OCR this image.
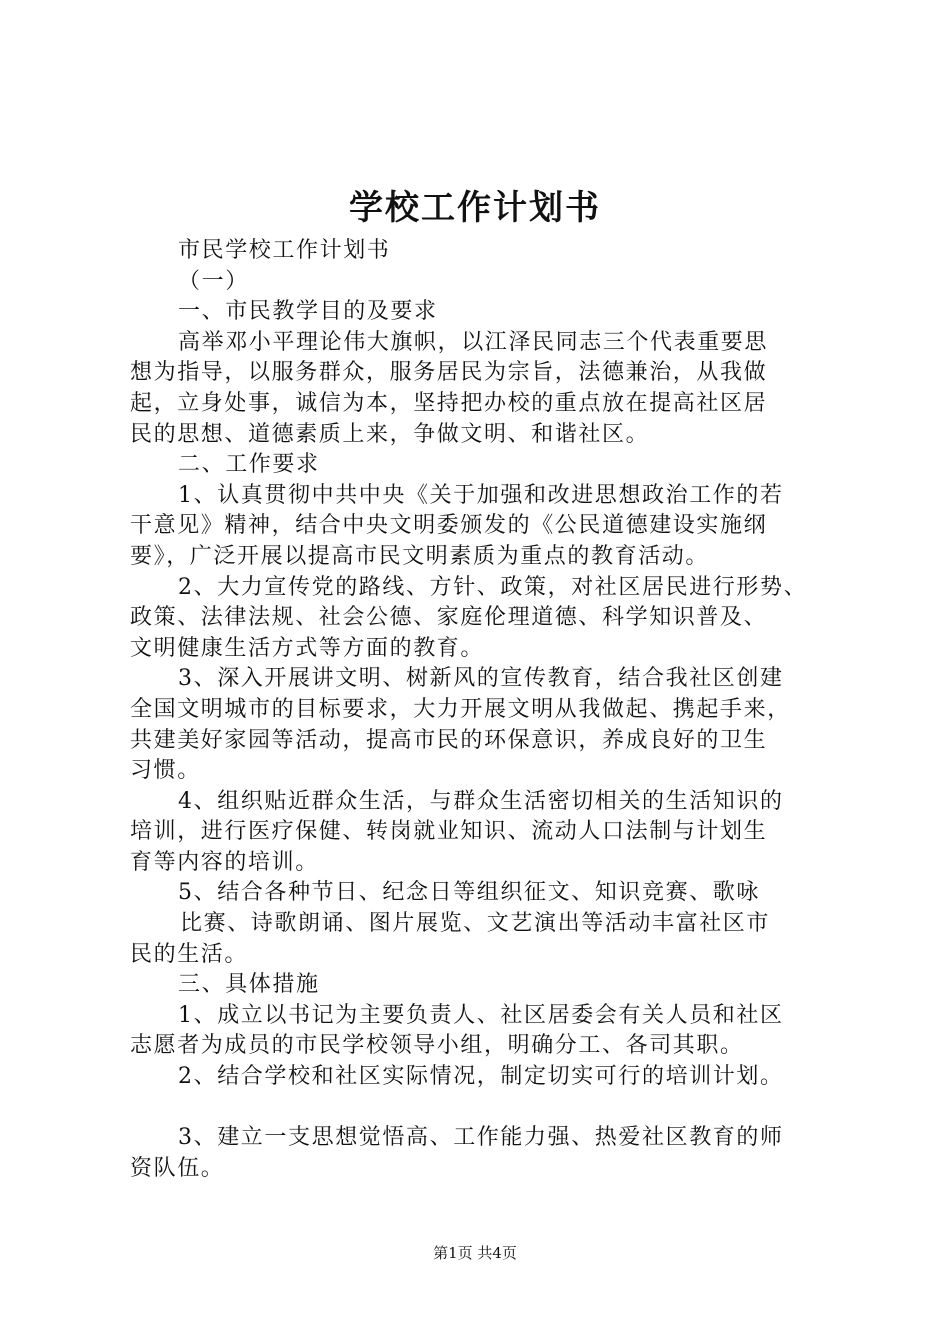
学校工作计划书
市民学校工作计划书
（一）
一、市民教学目的及要求
高举邓小平理论伟大旗帜，以江泽民同志三个代表重要思
想为指导，以服务群众，服务居民为宗旨，法德兼治，从我做
起，立身处事，诚信为本，坚持把办校的重点放在提高社区居
民的思想、道德素质上来，争做文明、和谐社区。
二、工作要求
1、认真贯彻中共中央《关于加强和改进思想政治工作的若
干意见》精神，结合中央文明委颁发的《公民道德建设实施纲
要》，广泛开展以提高市民文明素质为重点的教育活动。
2、大力宣传党的路线、方针、政策，对社区居民进行形势、
政策、法律法规、社会公德、家庭伦理道德、科学知识普及、
文明健康生活方式等方面的教育。
3、深入开展讲文明、树新风的宣传教育，结合我社区创建
全国文明城市的目标要求，大力开展文明从我做起、携起手来，
共建美好家园等活动，提高市民的环保意识，养成良好的卫生
习惯。
4、组织贴近群众生活，与群众生活密切相关的生活知识的
培训，进行医疗保健、转岗就业知识、流动人口法制与计划生
育等内容的培训。
5、结合各种节日、纪念日等组织征文、知识竞赛、歌咏
比赛、诗歌朗诵、图片展览、文艺演出等活动丰富社区市
民的生活。
三、具体措施
1、成立以书记为主要负责人、社区居委会有关人员和社区
志愿者为成员的市民学校领导小组，明确分工、各司其职。
2、结合学校和社区实际情况，制定切实可行的培训计划。
3、建立一支思想觉悟高、工作能力强、热爱社区教育的师
资队伍。
第1页 共4页
